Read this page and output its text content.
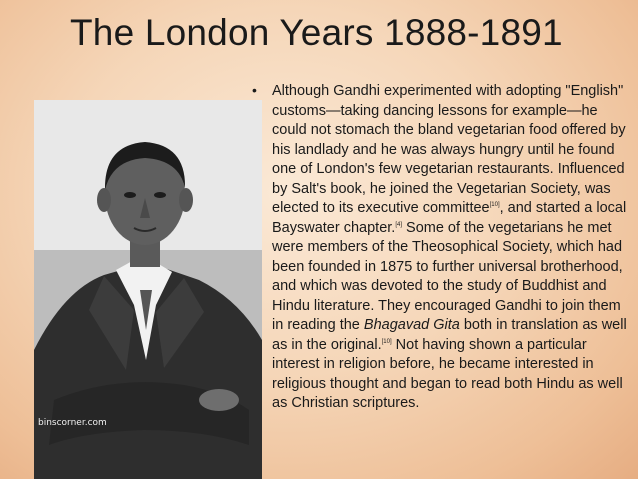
The London Years 1888-1891
binscorner.com
• Although Gandhi experimented with adopting "English" customs—taking dancing lessons for example—he could not stomach the bland vegetarian food offered by his landlady and he was always hungry until he found one of London's few vegetarian restaurants. Influenced by Salt's book, he joined the Vegetarian Society, was elected to its executive committee[10], and started a local Bayswater chapter.[4] Some of the vegetarians he met were members of the Theosophical Society, which had been founded in 1875 to further universal brotherhood, and which was devoted to the study of Buddhist and Hindu literature. They encouraged Gandhi to join them in reading the Bhagavad Gita both in translation as well as in the original.[10] Not having shown a particular interest in religion before, he became interested in religious thought and began to read both Hindu as well as Christian scriptures.
